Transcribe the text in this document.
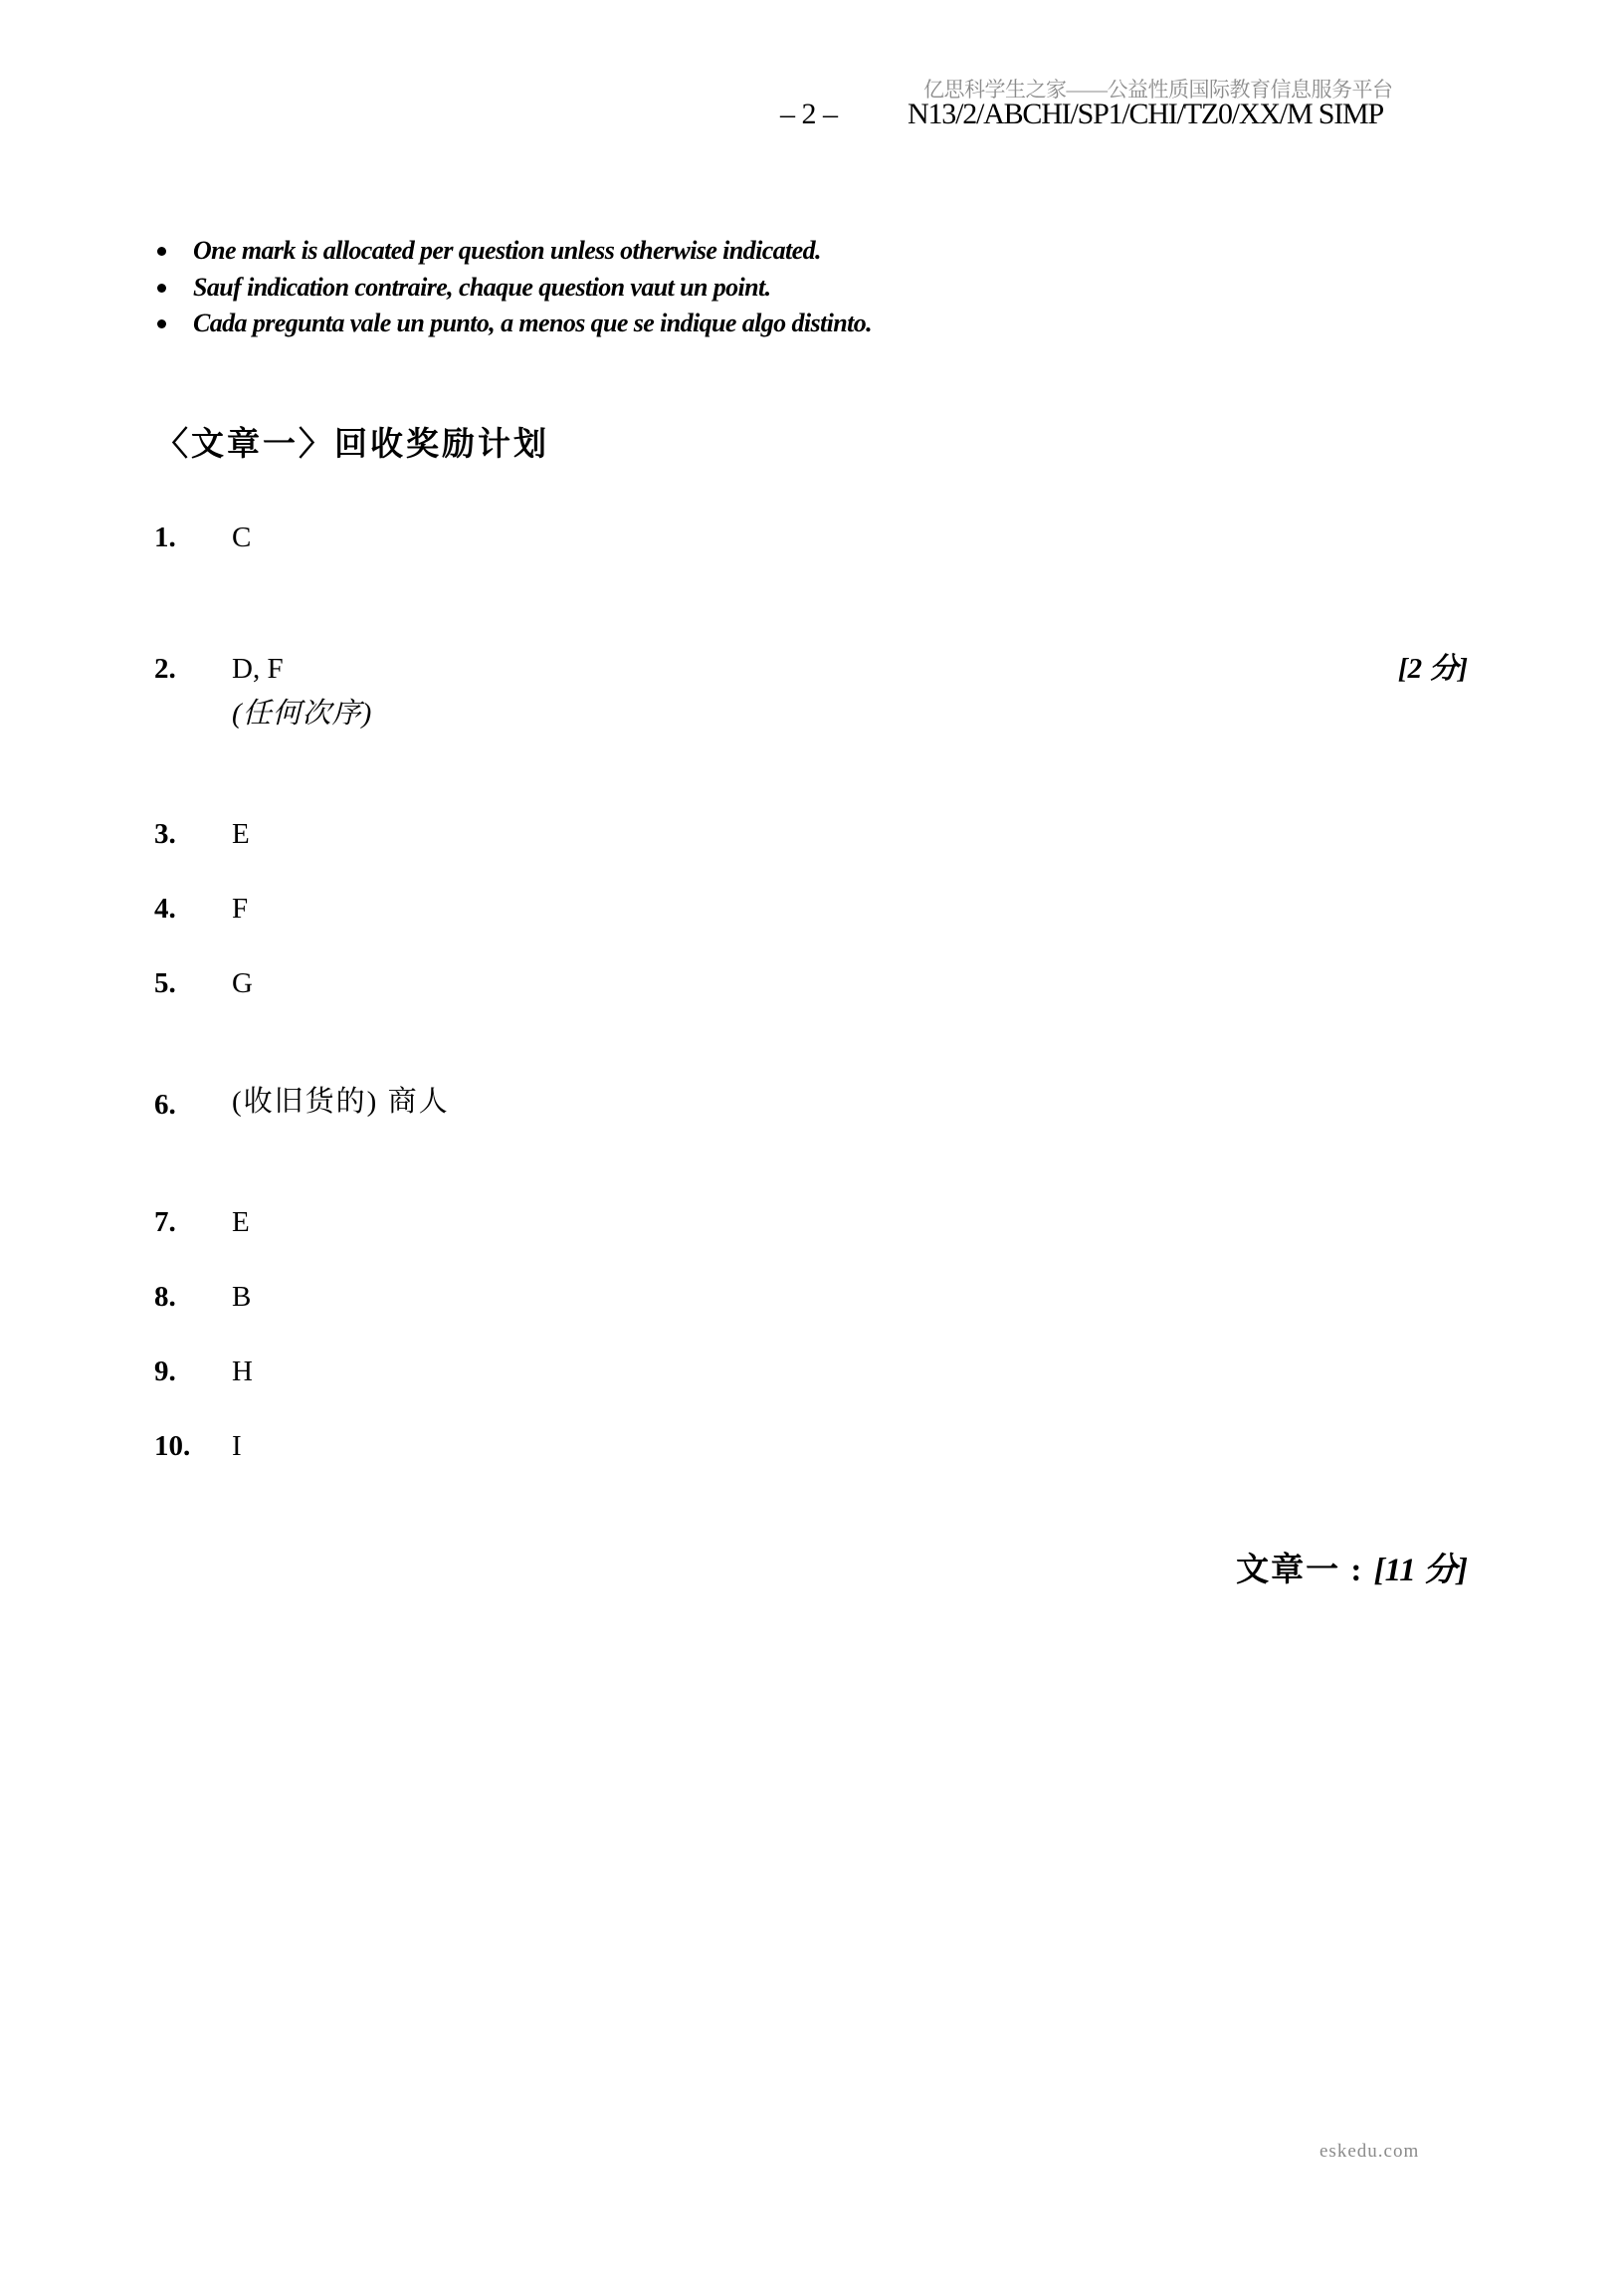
亿思科学生之家——公益性质国际教育信息服务平台
– 2 – N13/2/ABCHI/SP1/CHI/TZ0/XX/M SIMP
One mark is allocated per question unless otherwise indicated.
Sauf indication contraire, chaque question vaut un point.
Cada pregunta vale un punto, a menos que se indique algo distinto.
〈文章一〉回收奖励计划
1. C
2. D, F
(任何次序)
[2 分]
3. E
4. F
5. G
6. (收旧货的) 商人
7. E
8. B
9. H
10. I
文章一 : [11 分]
eskedu.com
